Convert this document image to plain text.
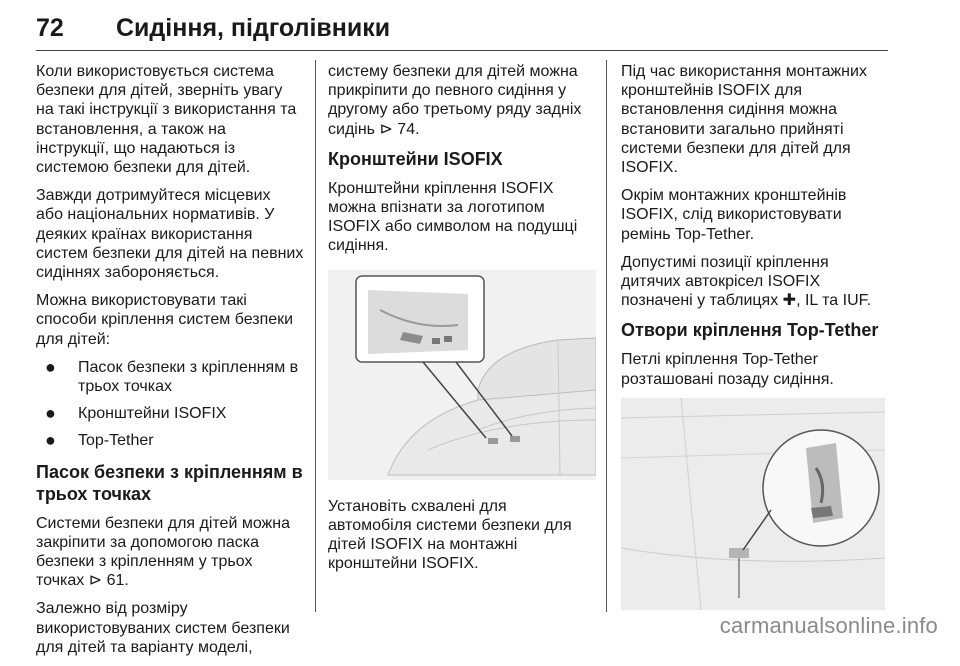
72 Сидіння, підголівники

Коли використовується система
безпеки для дітей, зверніть увагу
на такі інструкції з використання та
встановлення, а також на
інструкції, що надаються із
системою безпеки для дітей.

Завжди дотримуйтеся місцевих
або національних нормативів. У
деяких країнах використання
систем безпеки для дітей на певних
сидіннях забороняється.

Можна використовувати такі
способи кріплення систем безпеки
для дітей:

● Пасок безпеки з кріпленням в
трьох точках
● Кронштейни ISOFIX
● Top-Tether
Пасок безпеки з кріпленням в
трьох точках

Системи безпеки для дітей можна
закріпити за допомогою паска
безпеки з кріпленням у трьох
точках ⊳ 61.

Залежно від розміру
використовуваних систем безпеки
для дітей та варіанту моделі,

систему безпеки для дітей можна
прикріпити до певного сидіння у
другому або третьому ряду задніх
сидінь ⊳ 74.

Кронштейни ISOFIX

Кронштейни кріплення ISOFIX
можна впізнати за логотипом
ISOFIX або символом на подушці
сидіння.

Установіть схвалені для
автомобіля системи безпеки для
дітей ISOFIX на монтажні
кронштейни ISOFIX.

Під час використання монтажних
кронштейнів ISOFIX для
встановлення сидіння можна
встановити загально прийняті
системи безпеки для дітей для
ISOFIX.

Окрім монтажних кронштейнів
ISOFIX, слід використовувати
ремінь Top-Tether.

Допустимі позиції кріплення
дитячих автокрісел ISOFIX
позначені у таблицях ✚, IL та IUF.

Отвори кріплення Top-Tether

Петлі кріплення Top-Tether
розташовані позаду сидіння.

carmanualsonline.info
